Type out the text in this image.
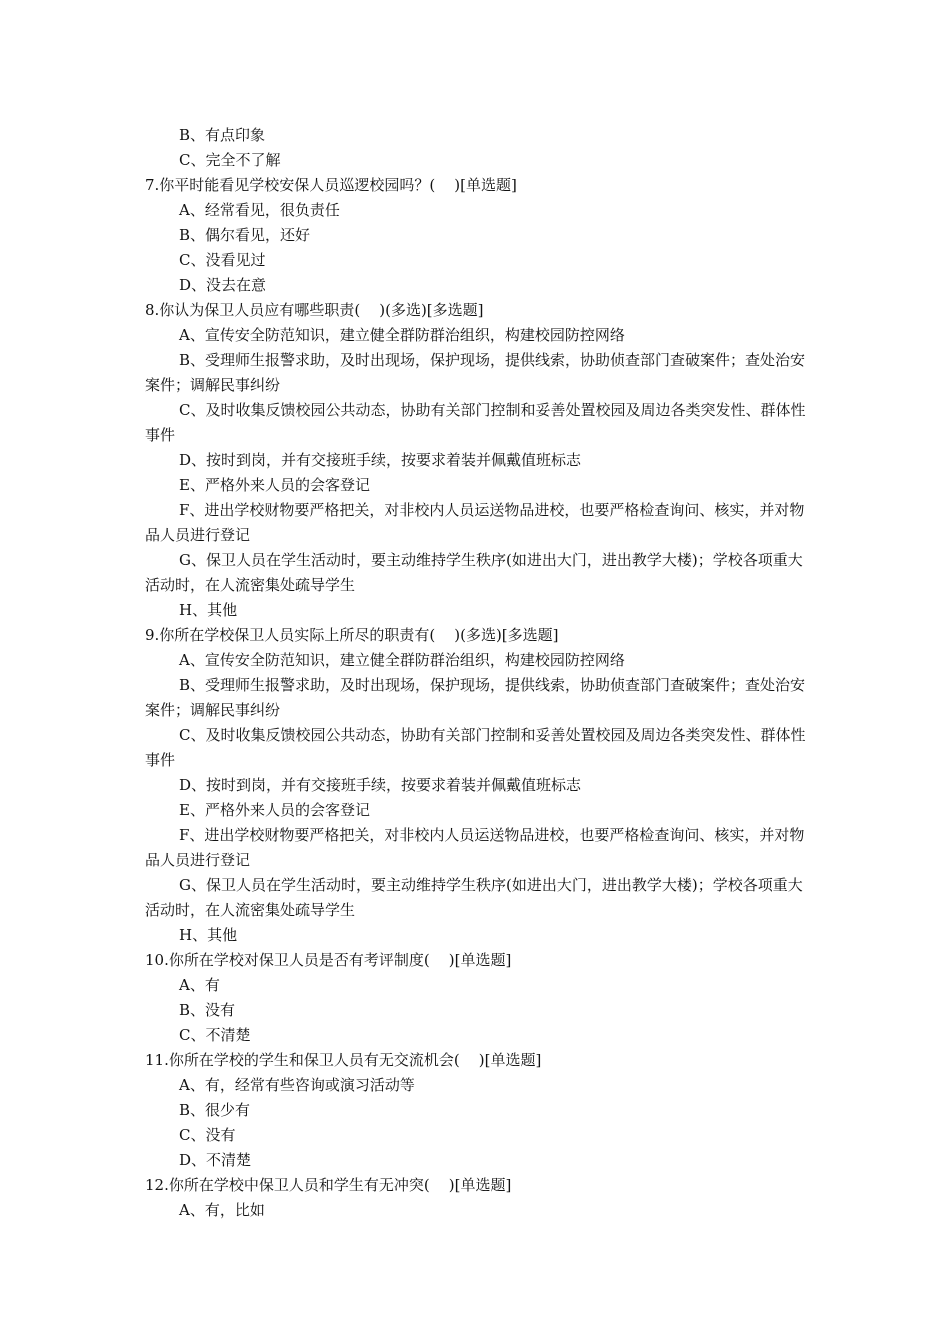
B、有点印象
C、完全不了解
7.你平时能看见学校安保人员巡逻校园吗？(    )[单选题]
A、经常看见，很负责任
B、偶尔看见，还好
C、没看见过
D、没去在意
8.你认为保卫人员应有哪些职责(    )(多选)[多选题]
A、宣传安全防范知识，建立健全群防群治组织，构建校园防控网络
B、受理师生报警求助，及时出现场，保护现场，提供线索，协助侦查部门查破案件；查处治安案件；调解民事纠纷
C、及时收集反馈校园公共动态，协助有关部门控制和妥善处置校园及周边各类突发性、群体性事件
D、按时到岗，并有交接班手续，按要求着装并佩戴值班标志
E、严格外来人员的会客登记
F、进出学校财物要严格把关，对非校内人员运送物品进校，也要严格检查询问、核实，并对物品人员进行登记
G、保卫人员在学生活动时，要主动维持学生秩序(如进出大门，进出教学大楼)；学校各项重大活动时，在人流密集处疏导学生
H、其他
9.你所在学校保卫人员实际上所尽的职责有(    )(多选)[多选题]
A、宣传安全防范知识，建立健全群防群治组织，构建校园防控网络
B、受理师生报警求助，及时出现场，保护现场，提供线索，协助侦查部门查破案件；查处治安案件；调解民事纠纷
C、及时收集反馈校园公共动态，协助有关部门控制和妥善处置校园及周边各类突发性、群体性事件
D、按时到岗，并有交接班手续，按要求着装并佩戴值班标志
E、严格外来人员的会客登记
F、进出学校财物要严格把关，对非校内人员运送物品进校，也要严格检查询问、核实，并对物品人员进行登记
G、保卫人员在学生活动时，要主动维持学生秩序(如进出大门，进出教学大楼)；学校各项重大活动时，在人流密集处疏导学生
H、其他
10.你所在学校对保卫人员是否有考评制度(    )[单选题]
A、有
B、没有
C、不清楚
11.你所在学校的学生和保卫人员有无交流机会(    )[单选题]
A、有，经常有些咨询或演习活动等
B、很少有
C、没有
D、不清楚
12.你所在学校中保卫人员和学生有无冲突(    )[单选题]
A、有，比如
